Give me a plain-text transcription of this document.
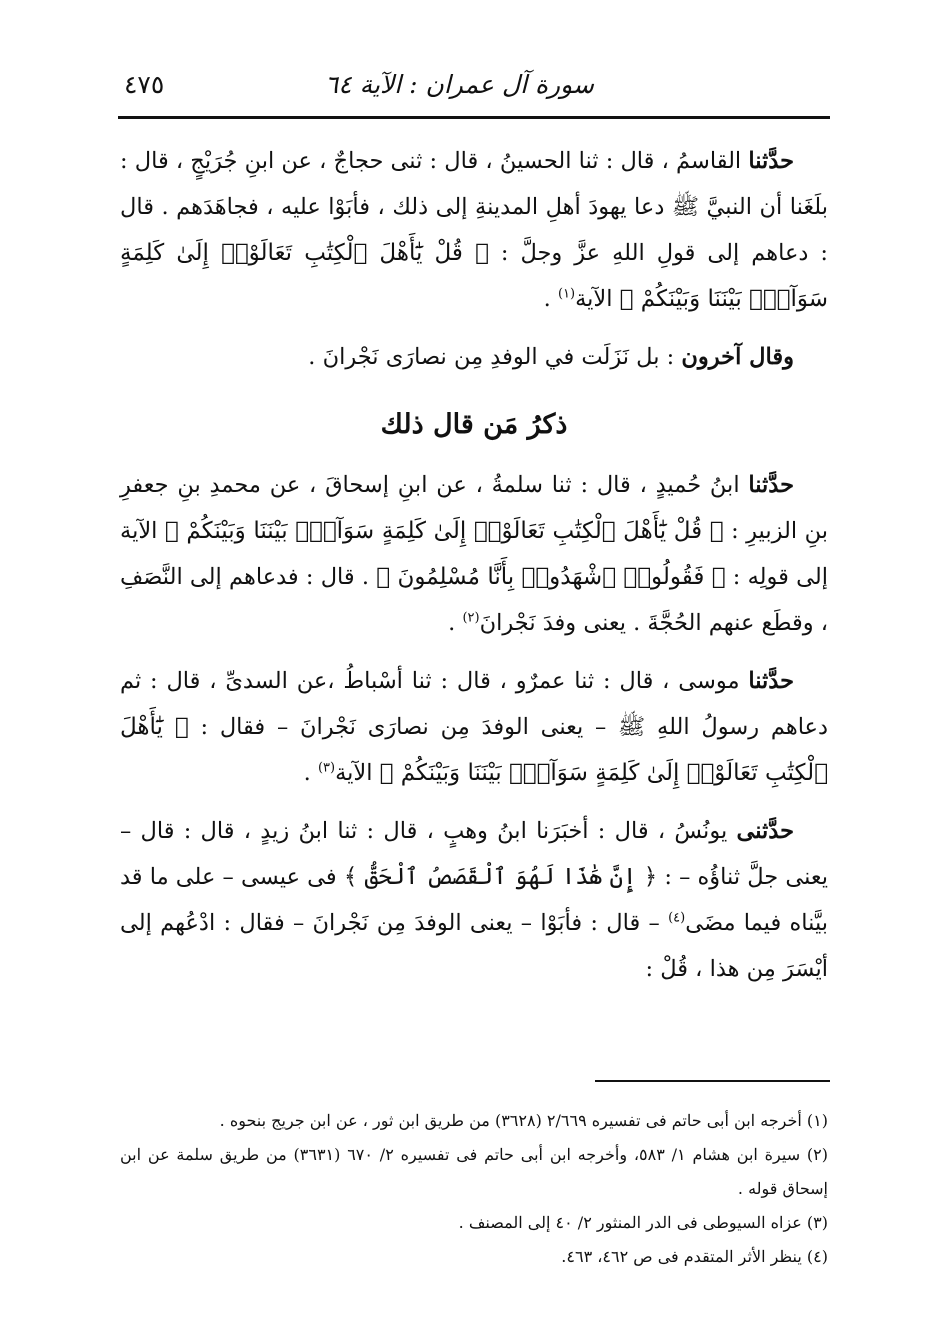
سورة آل عمران : الآية ٦٤
٤٧٥

حدَّثنا القاسمُ ، قال : ثنا الحسينُ ، قال : ثنى حجاجٌ ، عن ابنِ جُرَيْجٍ ، قال : بلَغَنا أن النبيَّ ﷺ دعا يهودَ أهلِ المدينةِ إلى ذلك ، فأبَوْا عليه ، فجاهَدَهم . قال : دعاهم إلى قولِ اللهِ عزَّ وجلَّ : ﴿ قُلْ يَٰٓأَهْلَ ٱلْكِتَٰبِ تَعَالَوْا۟ إِلَىٰ كَلِمَةٍ سَوَآءٍۭ بَيْنَنَا وَبَيْنَكُمْ ﴾ الآية$^{(١)}$ .

وقال آخرون : بل نَزَلَت في الوفدِ مِن نصارَى نَجْرانَ .

ذكرُ مَن قال ذلك

حدَّثنا ابنُ حُميدٍ ، قال : ثنا سلمةُ ، عن ابنِ إسحاقَ ، عن محمدِ بنِ جعفرِ بنِ الزبيرِ : ﴿ قُلْ يَٰٓأَهْلَ ٱلْكِتَٰبِ تَعَالَوْا۟ إِلَىٰ كَلِمَةٍ سَوَآءٍۭ بَيْنَنَا وَبَيْنَكُمْ ﴾ الآية إلى قولِه : ﴿ فَقُولُوا۟ ٱشْهَدُوا۟ بِأَنَّا مُسْلِمُونَ ﴾ . قال : فدعاهم إلى النَّصَفِ ، وقطَع عنهم الحُجَّةَ . يعنى وفدَ نَجْرانَ$^{(٢)}$ .

حدَّثنا موسى ، قال : ثنا عمرٌو ، قال : ثنا أسْباطُ ،عن السدىِّ ، قال : ثم دعاهم رسولُ اللهِ ﷺ – يعنى الوفدَ مِن نصارَى نَجْرانَ – فقال : ﴿ يَٰٓأَهْلَ ٱلْكِتَٰبِ تَعَالَوْا۟ إِلَىٰ كَلِمَةٍ سَوَآءٍۭ بَيْنَنَا وَبَيْنَكُمْ ﴾ الآية$^{(٣)}$ .

حدَّثنى يونُسُ ، قال : أخبَرَنا ابنُ وهبٍ ، قال : ثنا ابنُ زيدٍ ، قال : قال – يعنى جلَّ ثناؤُه – : ﴿ إِنَّ هَٰذَا لَهُوَ ٱلْقَصَصُ ٱلْحَقُّ ﴾ فى عيسى – على ما قد بيَّناه فيما مضَى$^{(٤)}$ – قال : فأبَوْا – يعنى الوفدَ مِن نَجْرانَ – فقال : ادْعُهم إلى أيْسَرَ مِن هذا ، قُلْ :

(١) أخرجه ابن أبى حاتم فى تفسيره ٢/٦٦٩ (٣٦٢٨) من طريق ابن ثور ، عن ابن جريج بنحوه .

(٢) سيرة ابن هشام ١/ ٥٨٣، وأخرجه ابن أبى حاتم فى تفسيره ٢/ ٦٧٠ (٣٦٣١) من طريق سلمة عن ابن إسحاق قوله .

(٣) عزاه السيوطى فى الدر المنثور ٢/ ٤٠ إلى المصنف .

(٤) ينظر الأثر المتقدم فى ص ٤٦٢، ٤٦٣.
